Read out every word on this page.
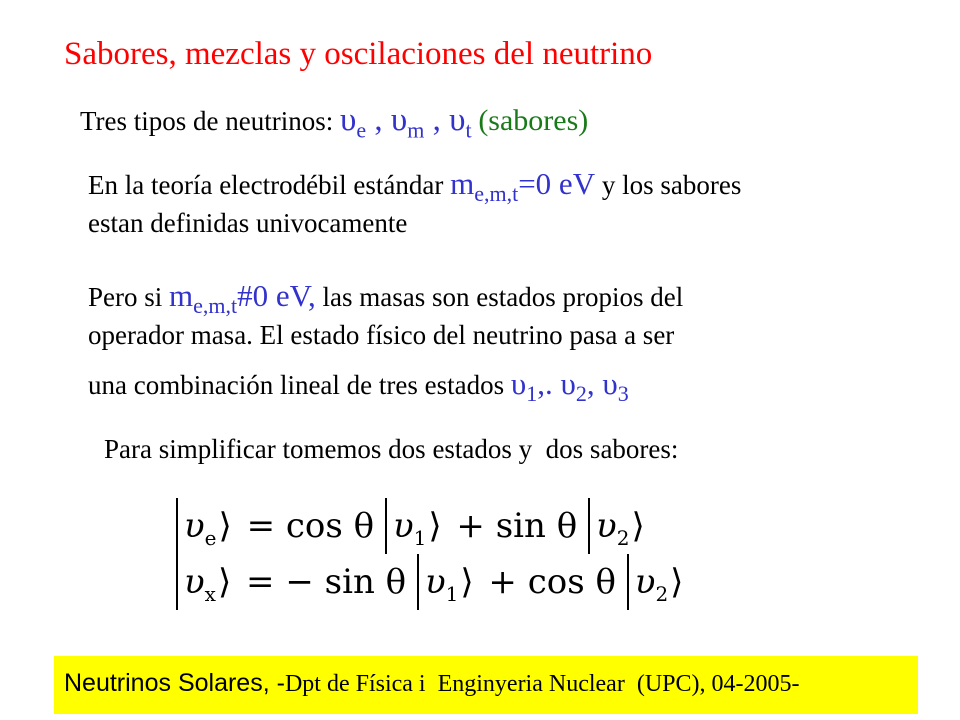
Sabores, mezclas y oscilaciones del neutrino
Tres tipos de neutrinos: $\upsilon_e$ , $\upsilon_m$ , $\upsilon_t$ (sabores)
En la teoría electrodébil estándar $m_{e,m,t}=0$ eV y los sabores
estan definidas univocamente
Pero si $m_{e,m,t}\#0$ eV, las masas son estados propios del
operador masa. El estado físico del neutrino pasa a ser
una combinación lineal de tres estados $\upsilon_1$,. $\upsilon_2$, $\upsilon_3$
Para simplificar tomemos dos estados y  dos sabores:
$\upsilon_e$ ⟩ = cos θ $\upsilon_1$ ⟩ + sin θ $\upsilon_2$ ⟩
$\upsilon_x$ ⟩ = − sin θ $\upsilon_1$ ⟩ + cos θ $\upsilon_2$ ⟩
Neutrinos Solares, -Dpt de Física i  Enginyeria Nuclear  (UPC), 04-2005-
